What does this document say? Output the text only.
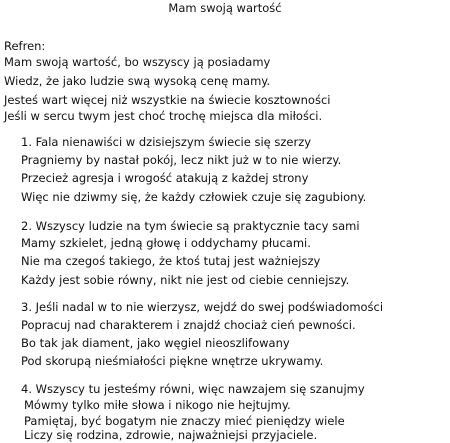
Mam swoją wartość

Refren:

Mam swoją wartość, bo wszyscy ją posiadamy

Wiedz, że jako ludzie swą wysoką cenę mamy.

Jesteś wart więcej niż wszystkie na świecie kosztowności

Jeśli w sercu twym jest choć trochę miejsca dla miłości.

1. Fala nienawiści w dzisiejszym świecie się szerzy

Pragniemy by nastał pokój, lecz nikt już w to nie wierzy.

Przecież agresja i wrogość atakują z każdej strony

Więc nie dziwmy się, że każdy człowiek czuje się zagubiony.

2. Wszyscy ludzie na tym świecie są praktycznie tacy sami

Mamy szkielet, jedną głowę i oddychamy płucami.

Nie ma czegoś takiego, że ktoś tutaj jest ważniejszy

Każdy jest sobie równy, nikt nie jest od ciebie cenniejszy.

3. Jeśli nadal w to nie wierzysz, wejdź do swej podświadomości

Popracuj nad charakterem i znajdź chociaż cień pewności.

Bo tak jak diament, jako węgiel nieoszlifowany

Pod skorupą nieśmiałości piękne wnętrze ukrywamy.

4. Wszyscy tu jesteśmy równi, więc nawzajem się szanujmy

Mówmy tylko miłe słowa i nikogo nie hejtujmy.

Pamiętaj, być bogatym nie znaczy mieć pieniędzy wiele

Liczy się rodzina, zdrowie, najważniejsi przyjaciele.
